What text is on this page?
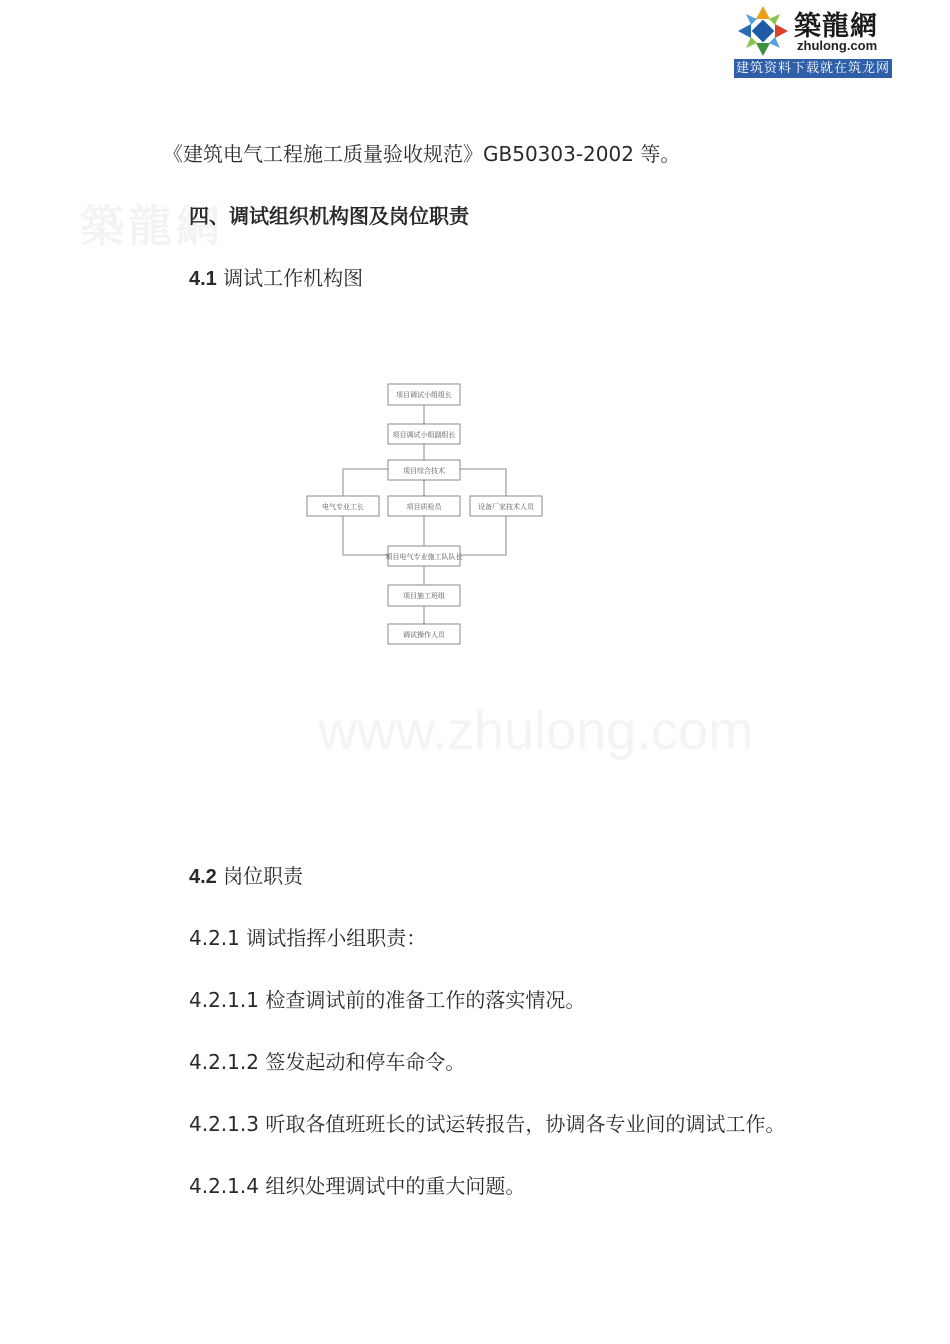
築龍網
zhulong.com
建筑资料下载就在筑龙网
築龍網
www.zhulong.com
《建筑电气工程施工质量验收规范》GB50303-2002 等。
四、调试组织机构图及岗位职责
4.1 调试工作机构图
项目调试小组组长
项目调试小组副组长
项目综合技术
电气专业工长	项目质检员	设备厂家技术人员
项目电气专业施工队队长
项目施工班组
调试操作人员
4.2 岗位职责
4.2.1 调试指挥小组职责：
4.2.1.1 检查调试前的准备工作的落实情况。
4.2.1.2 签发起动和停车命令。
4.2.1.3 听取各值班班长的试运转报告，协调各专业间的调试工作。
4.2.1.4 组织处理调试中的重大问题。
